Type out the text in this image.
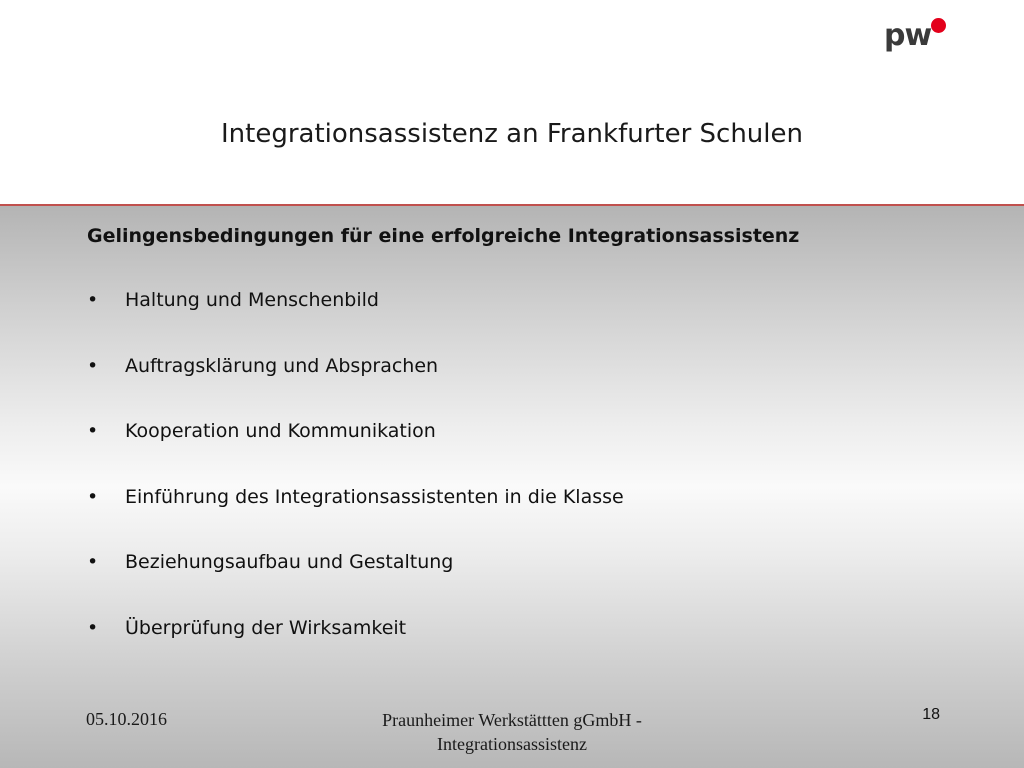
pw
Integrationsassistenz an Frankfurter Schulen
Gelingensbedingungen für eine erfolgreiche Integrationsassistenz
• Haltung und Menschenbild
• Auftragsklärung und Absprachen
• Kooperation und Kommunikation
• Einführung des Integrationsassistenten in die Klasse
• Beziehungsaufbau und Gestaltung
• Überprüfung der Wirksamkeit
05.10.2016	Praunheimer Werkstättten gGmbH -
Integrationsassistenz
18
